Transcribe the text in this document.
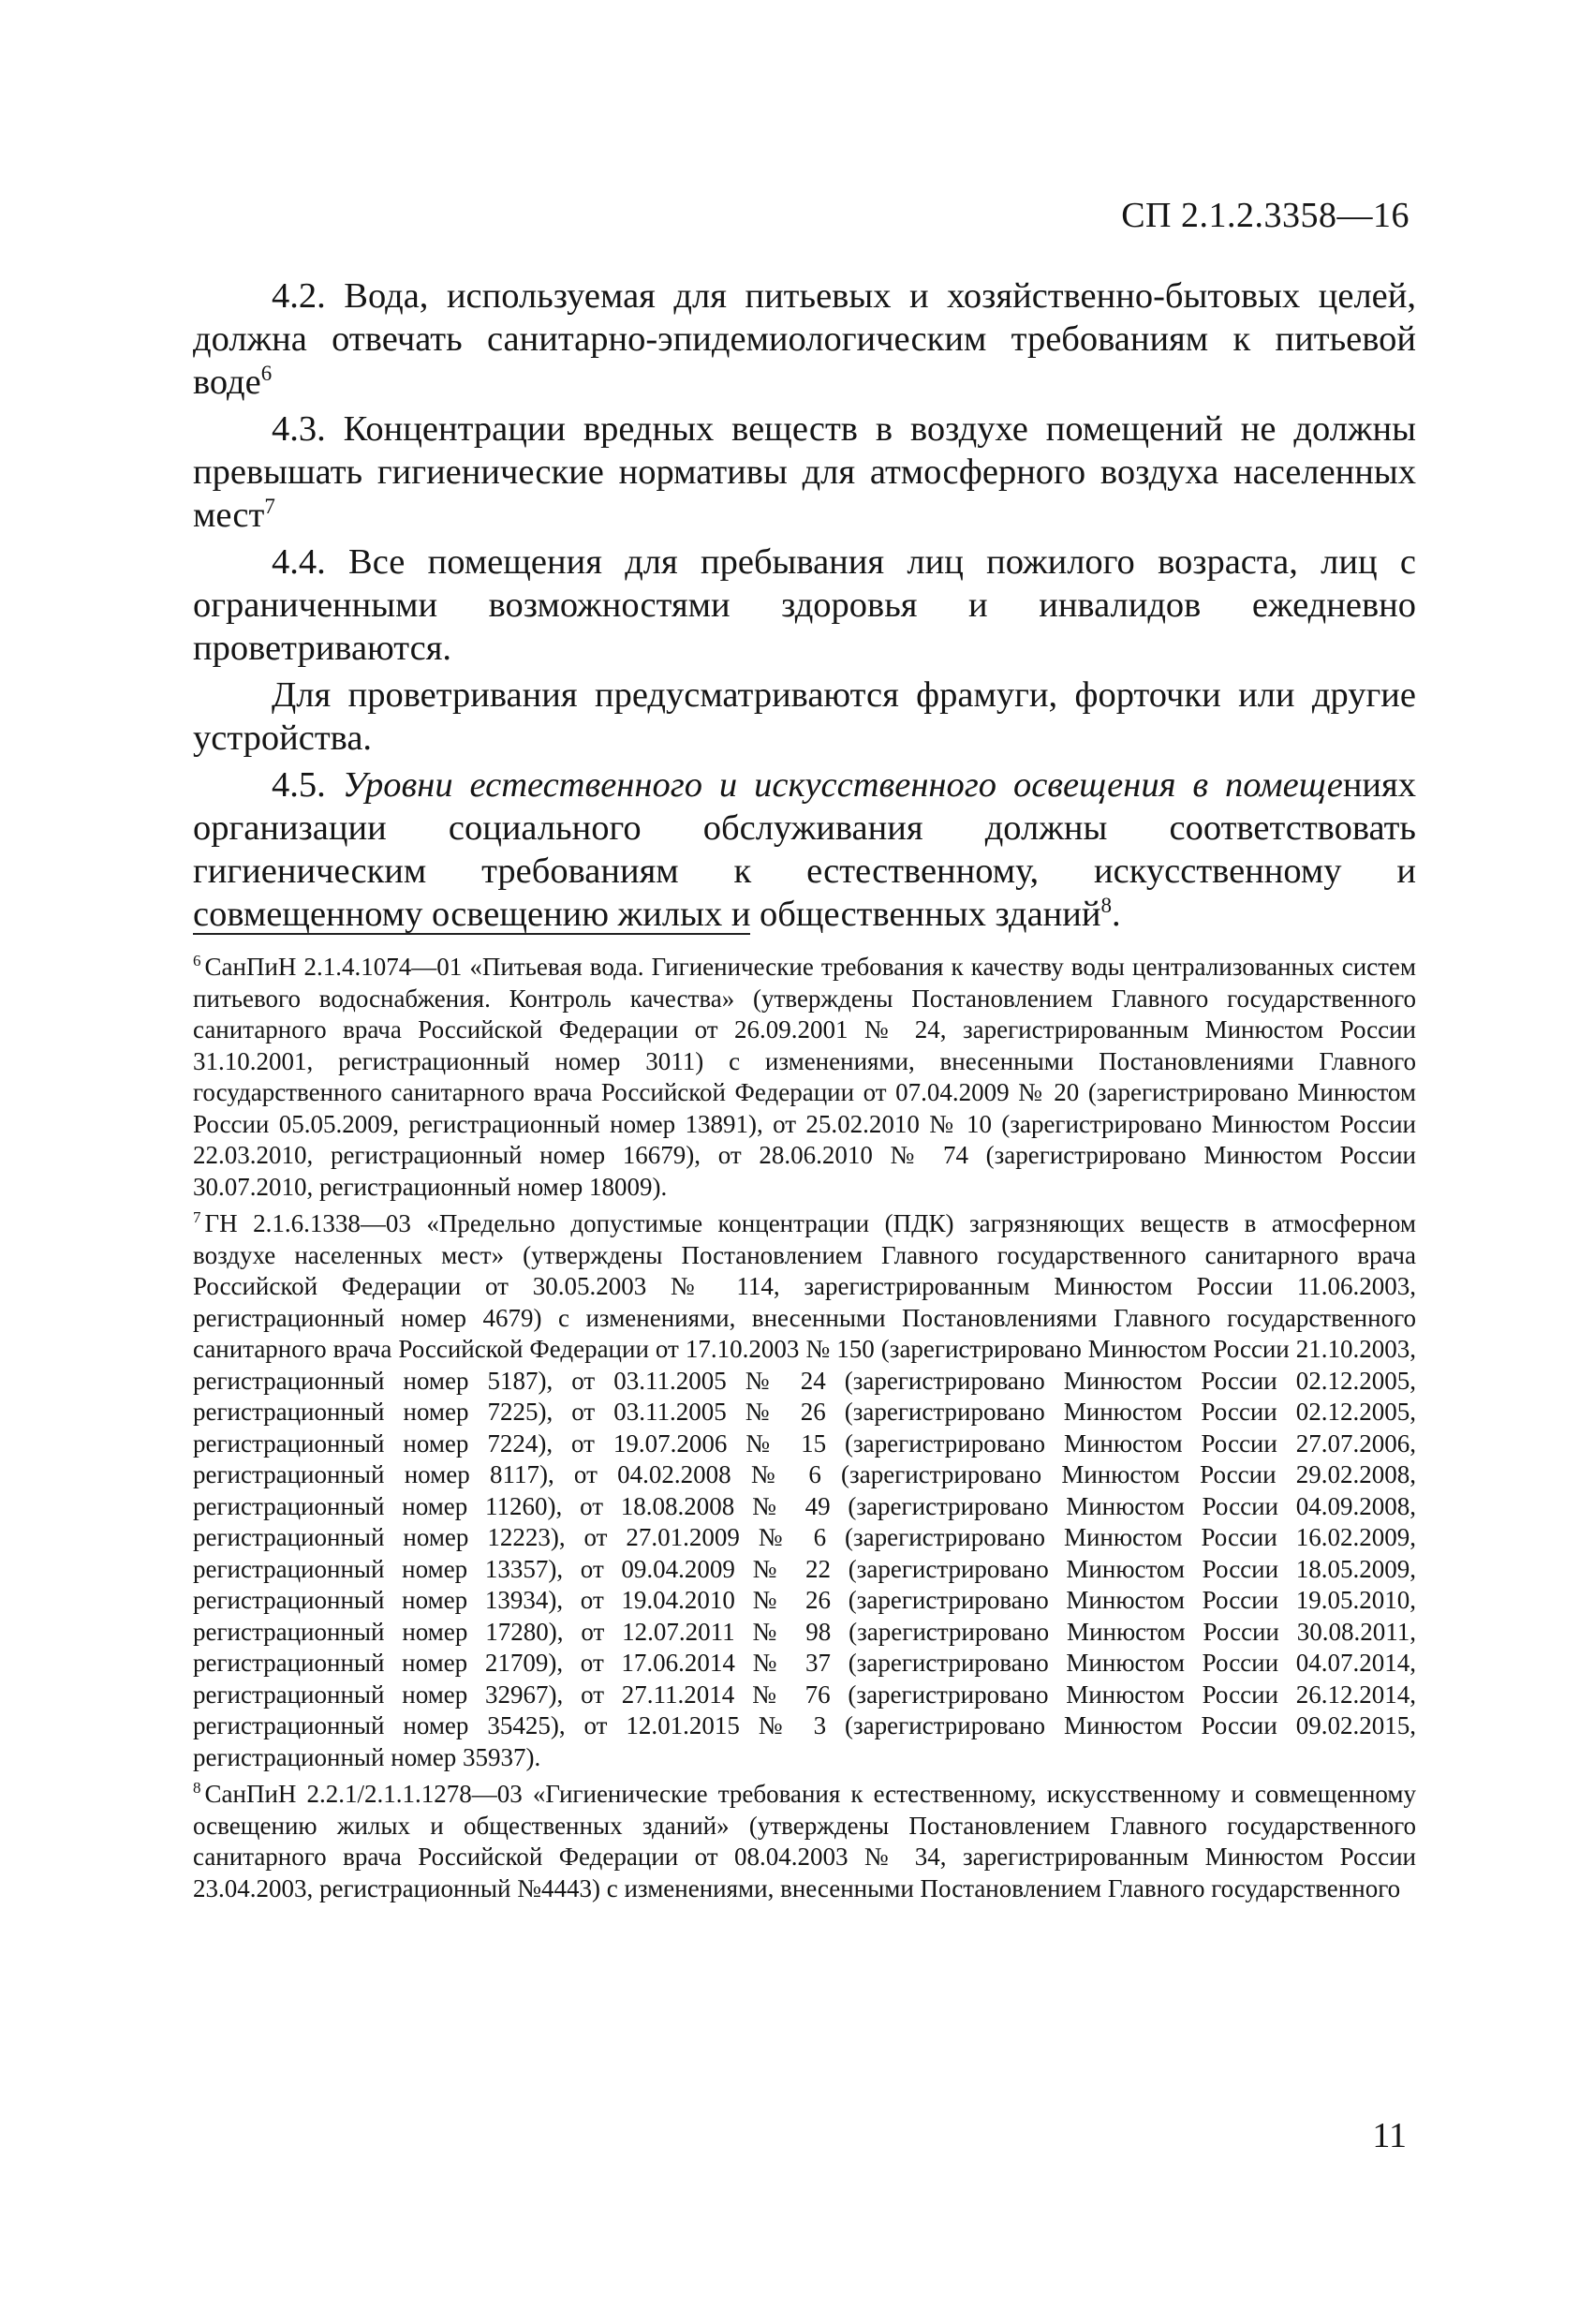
СП 2.1.2.3358—16

4.2. Вода, используемая для питьевых и хозяйственно-бытовых целей, должна отвечать санитарно-эпидемиологическим требованиям к питьевой воде$^6$

4.3. Концентрации вредных веществ в воздухе помещений не должны превышать гигиенические нормативы для атмосферного воздуха населенных мест$^7$

4.4. Все помещения для пребывания лиц пожилого возраста, лиц с ограниченными возможностями здоровья и инвалидов ежедневно проветриваются.

Для проветривания предусматриваются фрамуги, форточки или другие устройства.

4.5. Уровни естественного и искусственного освещения в помещениях организации социального обслуживания должны соответствовать гигиеническим требованиям к естественному, искусственному и совмещенному освещению жилых и общественных зданий$^8$.

$^6$ СанПиН 2.1.4.1074—01 «Питьевая вода. Гигиенические требования к качеству воды централизованных систем питьевого водоснабжения. Контроль качества» (утверждены Постановлением Главного государственного санитарного врача Российской Федерации от 26.09.2001 № 24, зарегистрированным Минюстом России 31.10.2001, регистрационный номер 3011) с изменениями, внесенными Постановлениями Главного государственного санитарного врача Российской Федерации от 07.04.2009 № 20 (зарегистрировано Минюстом России 05.05.2009, регистрационный номер 13891), от 25.02.2010 № 10 (зарегистрировано Минюстом России 22.03.2010, регистрационный номер 16679), от 28.06.2010 № 74 (зарегистрировано Минюстом России 30.07.2010, регистрационный номер 18009).

$^7$ ГН 2.1.6.1338—03 «Предельно допустимые концентрации (ПДК) загрязняющих веществ в атмосферном воздухе населенных мест» (утверждены Постановлением Главного государственного санитарного врача Российской Федерации от 30.05.2003 № 114, зарегистрированным Минюстом России 11.06.2003, регистрационный номер 4679) с изменениями, внесенными Постановлениями Главного государственного санитарного врача Российской Федерации от 17.10.2003 № 150 (зарегистрировано Минюстом России 21.10.2003, регистрационный номер 5187), от 03.11.2005 № 24 (зарегистрировано Минюстом России 02.12.2005, регистрационный номер 7225), от 03.11.2005 № 26 (зарегистрировано Минюстом России 02.12.2005, регистрационный номер 7224), от 19.07.2006 № 15 (зарегистрировано Минюстом России 27.07.2006, регистрационный номер 8117), от 04.02.2008 № 6 (зарегистрировано Минюстом России 29.02.2008, регистрационный номер 11260), от 18.08.2008 № 49 (зарегистрировано Минюстом России 04.09.2008, регистрационный номер 12223), от 27.01.2009 № 6 (зарегистрировано Минюстом России 16.02.2009, регистрационный номер 13357), от 09.04.2009 № 22 (зарегистрировано Минюстом России 18.05.2009, регистрационный номер 13934), от 19.04.2010 № 26 (зарегистрировано Минюстом России 19.05.2010, регистрационный номер 17280), от 12.07.2011 № 98 (зарегистрировано Минюстом России 30.08.2011, регистрационный номер 21709), от 17.06.2014 № 37 (зарегистрировано Минюстом России 04.07.2014, регистрационный номер 32967), от 27.11.2014 № 76 (зарегистрировано Минюстом России 26.12.2014, регистрационный номер 35425), от 12.01.2015 № 3 (зарегистрировано Минюстом России 09.02.2015, регистрационный номер 35937).

$^8$ СанПиН 2.2.1/2.1.1.1278—03 «Гигиенические требования к естественному, искусственному и совмещенному освещению жилых и общественных зданий» (утверждены Постановлением Главного государственного санитарного врача Российской Федерации от 08.04.2003 № 34, зарегистрированным Минюстом России 23.04.2003, регистрационный №4443) с изменениями, внесенными Постановлением Главного государственного

11
